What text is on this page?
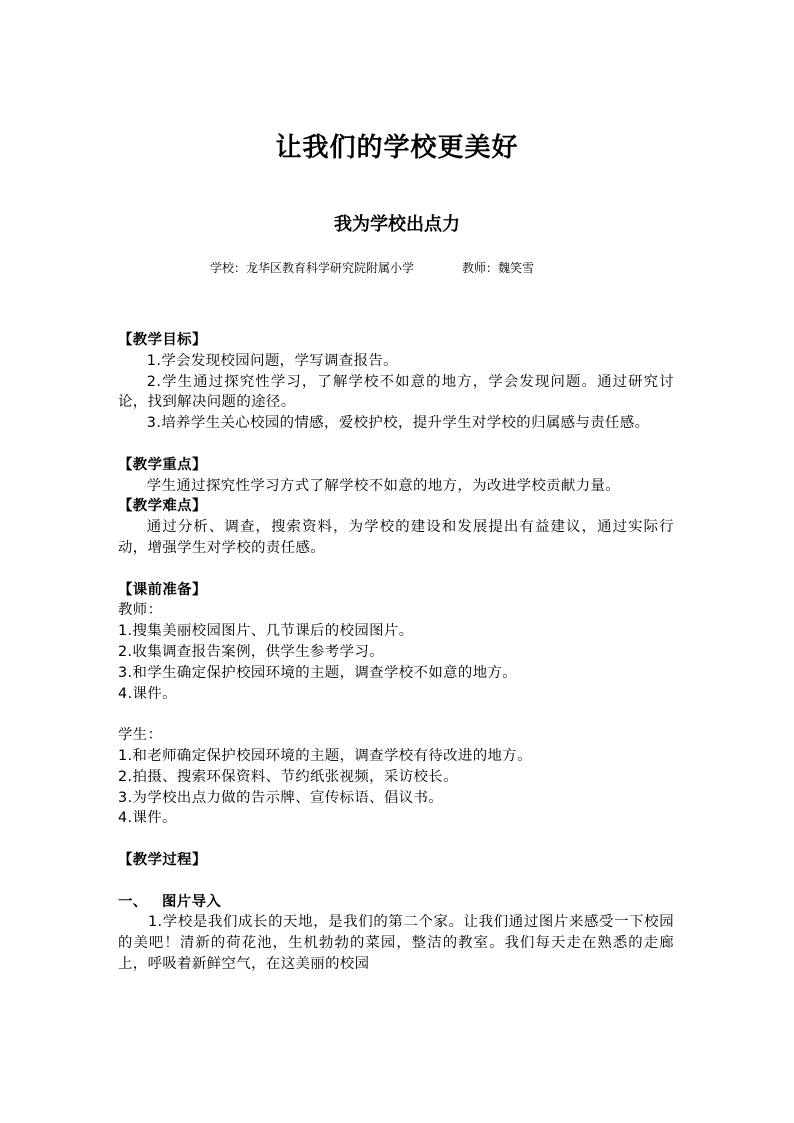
让我们的学校更美好
我为学校出点力
学校：龙华区教育科学研究院附属小学	教师：魏笑雪

【教学目标】

1.学会发现校园问题，学写调查报告。

2.学生通过探究性学习，了解学校不如意的地方，学会发现问题。通过研究讨论，找到解决问题的途径。

3.培养学生关心校园的情感，爱校护校，提升学生对学校的归属感与责任感。

【教学重点】

学生通过探究性学习方式了解学校不如意的地方，为改进学校贡献力量。

【教学难点】

通过分析、调查，搜索资料，为学校的建设和发展提出有益建议，通过实际行动，增强学生对学校的责任感。

【课前准备】

教师：

1.搜集美丽校园图片、几节课后的校园图片。

2.收集调查报告案例，供学生参考学习。

3.和学生确定保护校园环境的主题，调查学校不如意的地方。

4.课件。

学生：

1.和老师确定保护校园环境的主题，调查学校有待改进的地方。

2.拍摄、搜索环保资料、节约纸张视频，采访校长。

3.为学校出点力做的告示牌、宣传标语、倡议书。

4.课件。

【教学过程】

一、 图片导入

1.学校是我们成长的天地，是我们的第二个家。让我们通过图片来感受一下校园的美吧！清新的荷花池，生机勃勃的菜园，整洁的教室。我们每天走在熟悉的走廊上，呼吸着新鲜空气，在这美丽的校园
